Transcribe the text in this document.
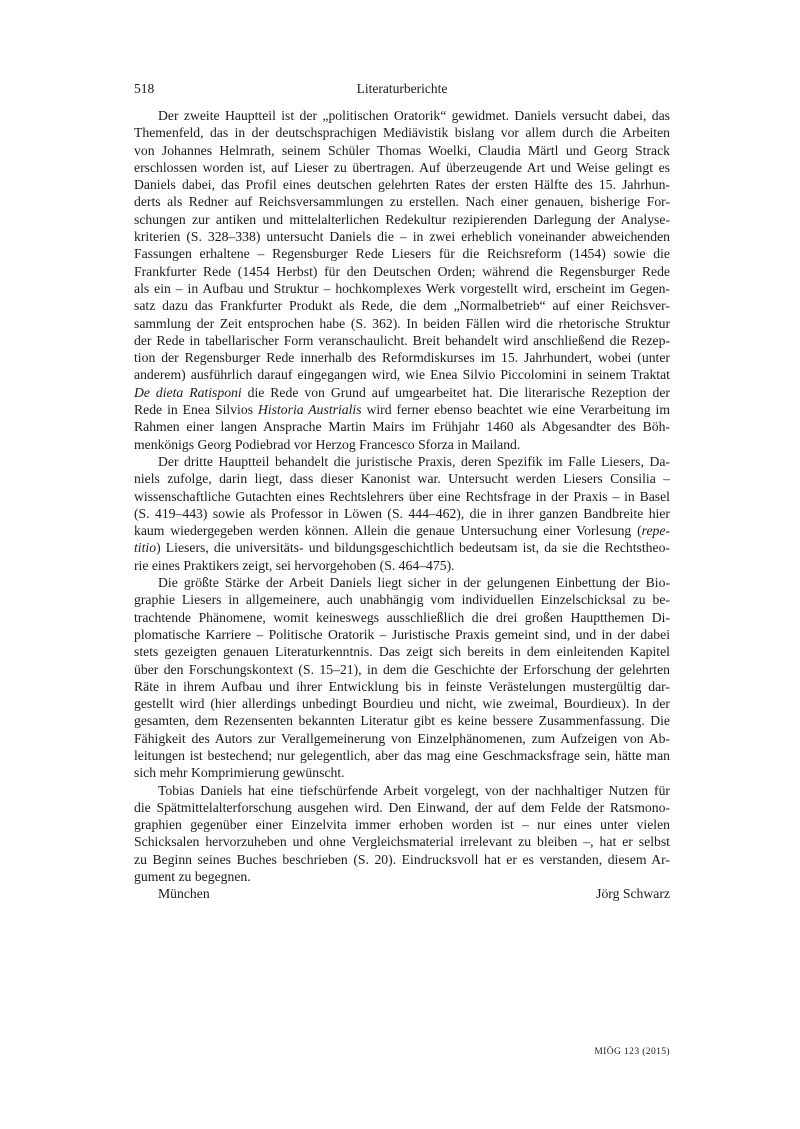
518	Literaturberichte
Der zweite Hauptteil ist der „politischen Oratorik“ gewidmet. Daniels versucht dabei, das
Themenfeld, das in der deutschsprachigen Mediävistik bislang vor allem durch die Arbeiten
von Johannes Helmrath, seinem Schüler Thomas Woelki, Claudia Märtl und Georg Strack
erschlossen worden ist, auf Lieser zu übertragen. Auf überzeugende Art und Weise gelingt es
Daniels dabei, das Profil eines deutschen gelehrten Rates der ersten Hälfte des 15. Jahrhun-
derts als Redner auf Reichsversammlungen zu erstellen. Nach einer genauen, bisherige For-
schungen zur antiken und mittelalterlichen Redekultur rezipierenden Darlegung der Analyse-
kriterien (S. 328–338) untersucht Daniels die – in zwei erheblich voneinander abweichenden
Fassungen erhaltene – Regensburger Rede Liesers für die Reichsreform (1454) sowie die
Frankfurter Rede (1454 Herbst) für den Deutschen Orden; während die Regensburger Rede
als ein – in Aufbau und Struktur – hochkomplexes Werk vorgestellt wird, erscheint im Gegen-
satz dazu das Frankfurter Produkt als Rede, die dem „Normalbetrieb“ auf einer Reichsver-
sammlung der Zeit entsprochen habe (S. 362). In beiden Fällen wird die rhetorische Struktur
der Rede in tabellarischer Form veranschaulicht. Breit behandelt wird anschließend die Rezep-
tion der Regensburger Rede innerhalb des Reformdiskurses im 15. Jahrhundert, wobei (unter
anderem) ausführlich darauf eingegangen wird, wie Enea Silvio Piccolomini in seinem Traktat
De dieta Ratisponi die Rede von Grund auf umgearbeitet hat. Die literarische Rezeption der
Rede in Enea Silvios Historia Austrialis wird ferner ebenso beachtet wie eine Verarbeitung im
Rahmen einer langen Ansprache Martin Mairs im Frühjahr 1460 als Abgesandter des Böh-
menkönigs Georg Podiebrad vor Herzog Francesco Sforza in Mailand.
Der dritte Hauptteil behandelt die juristische Praxis, deren Spezifik im Falle Liesers, Da-
niels zufolge, darin liegt, dass dieser Kanonist war. Untersucht werden Liesers Consilia –
wissenschaftliche Gutachten eines Rechtslehrers über eine Rechtsfrage in der Praxis – in Basel
(S. 419–443) sowie als Professor in Löwen (S. 444–462), die in ihrer ganzen Bandbreite hier
kaum wiedergegeben werden können. Allein die genaue Untersuchung einer Vorlesung (repe-
titio) Liesers, die universitäts- und bildungsgeschichtlich bedeutsam ist, da sie die Rechtstheo-
rie eines Praktikers zeigt, sei hervorgehoben (S. 464–475).
Die größte Stärke der Arbeit Daniels liegt sicher in der gelungenen Einbettung der Bio-
graphie Liesers in allgemeinere, auch unabhängig vom individuellen Einzelschicksal zu be-
trachtende Phänomene, womit keineswegs ausschließlich die drei großen Hauptthemen Di-
plomatische Karriere – Politische Oratorik – Juristische Praxis gemeint sind, und in der dabei
stets gezeigten genauen Literaturkenntnis. Das zeigt sich bereits in dem einleitenden Kapitel
über den Forschungskontext (S. 15–21), in dem die Geschichte der Erforschung der gelehrten
Räte in ihrem Aufbau und ihrer Entwicklung bis in feinste Verästelungen mustergültig dar-
gestellt wird (hier allerdings unbedingt Bourdieu und nicht, wie zweimal, Bourdieux). In der
gesamten, dem Rezensenten bekannten Literatur gibt es keine bessere Zusammenfassung. Die
Fähigkeit des Autors zur Verallgemeinerung von Einzelphänomenen, zum Aufzeigen von Ab-
leitungen ist bestechend; nur gelegentlich, aber das mag eine Geschmacksfrage sein, hätte man
sich mehr Komprimierung gewünscht.
Tobias Daniels hat eine tiefschürfende Arbeit vorgelegt, von der nachhaltiger Nutzen für
die Spätmittelalterforschung ausgehen wird. Den Einwand, der auf dem Felde der Ratsmono-
graphien gegenüber einer Einzelvita immer erhoben worden ist – nur eines unter vielen
Schicksalen hervorzuheben und ohne Vergleichsmaterial irrelevant zu bleiben –, hat er selbst
zu Beginn seines Buches beschrieben (S. 20). Eindrucksvoll hat er es verstanden, diesem Ar-
gument zu begegnen.
München	Jörg Schwarz
MIÖG 123 (2015)
